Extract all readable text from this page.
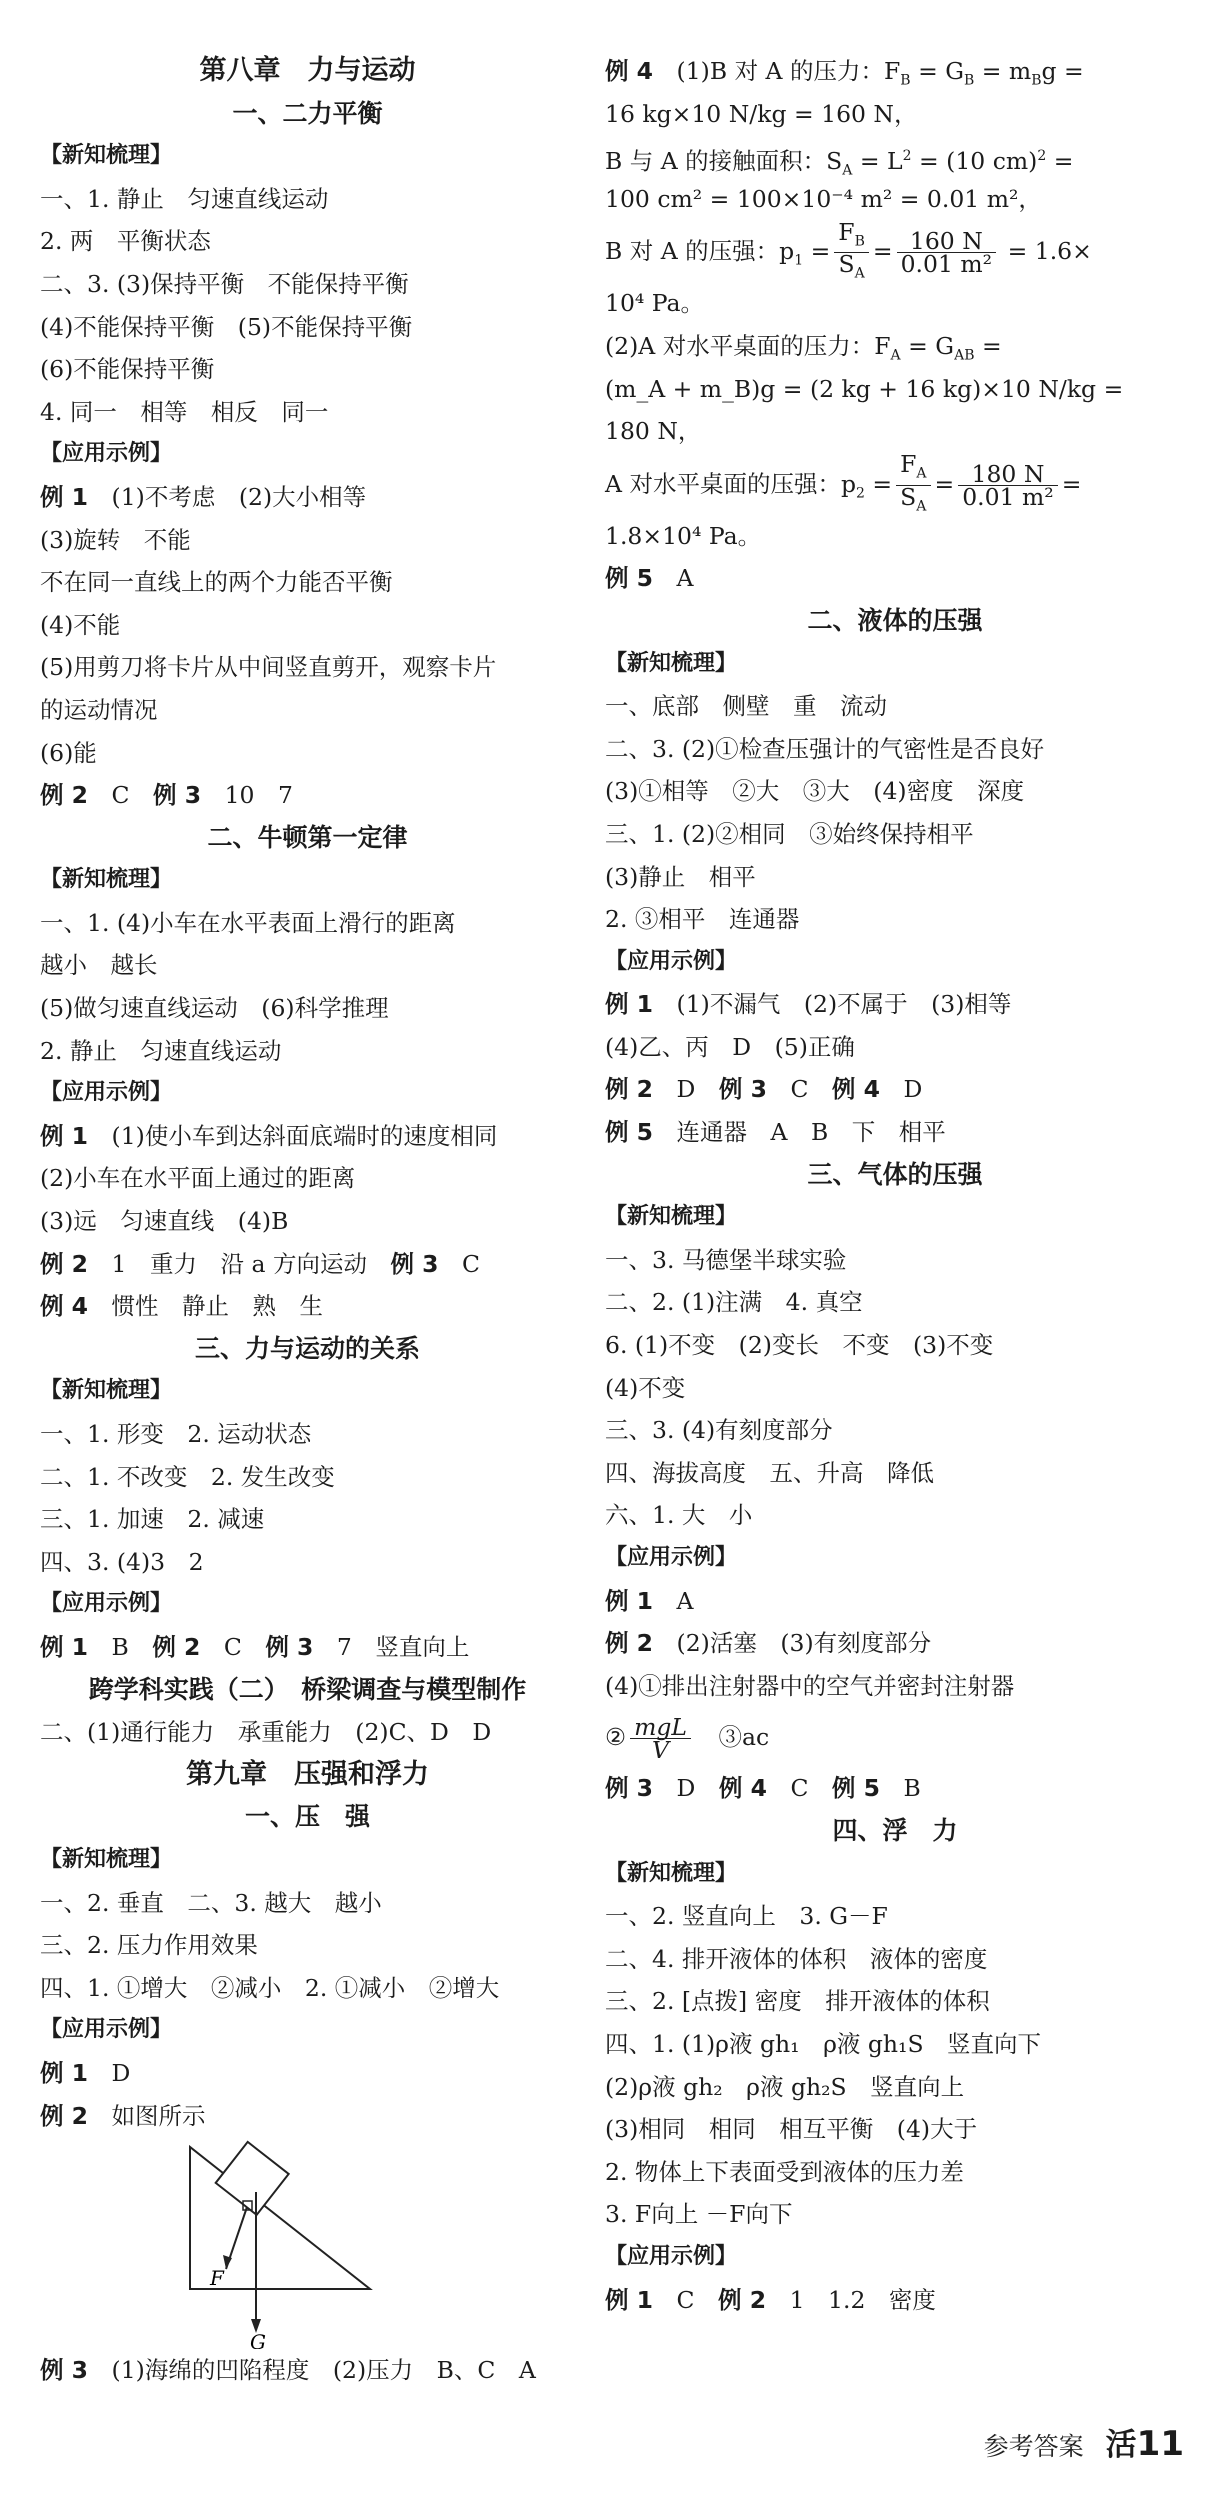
第八章　力与运动
一、二力平衡
【新知梳理】
一、1. 静止　匀速直线运动
2. 两　平衡状态
二、3. (3)保持平衡　不能保持平衡
(4)不能保持平衡　(5)不能保持平衡
(6)不能保持平衡
4. 同一　相等　相反　同一
【应用示例】
例 1　(1)不考虑　(2)大小相等
(3)旋转　不能
不在同一直线上的两个力能否平衡
(4)不能
(5)用剪刀将卡片从中间竖直剪开，观察卡片
的运动情况
(6)能
例 2　C　例 3　10　7
二、牛顿第一定律
【新知梳理】
一、1. (4)小车在水平表面上滑行的距离
越小　越长
(5)做匀速直线运动　(6)科学推理
2. 静止　匀速直线运动
【应用示例】
例 1　(1)使小车到达斜面底端时的速度相同
(2)小车在水平面上通过的距离
(3)远　匀速直线　(4)B
例 2　1　重力　沿 a 方向运动　例 3　C
例 4　惯性　静止　熟　生
三、力与运动的关系
【新知梳理】
一、1. 形变　2. 运动状态
二、1. 不改变　2. 发生改变
三、1. 加速　2. 减速
四、3. (4)3　2
【应用示例】
例 1　B　例 2　C　例 3　7　竖直向上
跨学科实践（二）　桥梁调查与模型制作
二、(1)通行能力　承重能力　(2)C、D　D
第九章　压强和浮力
一、压　强
【新知梳理】
一、2. 垂直　二、3. 越大　越小
三、2. 压力作用效果
四、1. ①增大　②减小　2. ①减小　②增大
【应用示例】
例 1　D
例 2　如图所示
F
G
例 3　(1)海绵的凹陷程度　(2)压力　B、C　A
例 4　(1)B 对 A 的压力：$F_B = G_B = m_Bg$ =
16 kg×10 N/kg = 160 N，
B 与 A 的接触面积：$S_A = L^2 = (10$ cm)$^2$ =
100 cm² = 100×10⁻⁴ m² = 0.01 m²，
B 对 A 的压强：$p_1 = \frac{F_B}{S_A} = \frac{160 N}{\text{0.01 m²}} = 1.6\times$
10⁴ Pa。
(2)A 对水平桌面的压力：$F_A = G_{AB}$ =
(m_A + m_B)g = (2 kg + 16 kg)×10 N/kg =
180 N，
A 对水平桌面的压强：$p_2 = \frac{F_A}{S_A} = \frac{180 N}{\text{0.01 m²}}$ =
1.8×10⁴ Pa。
例 5　A
二、液体的压强
【新知梳理】
一、底部　侧壁　重　流动
二、3. (2)①检查压强计的气密性是否良好
(3)①相等　②大　③大　(4)密度　深度
三、1. (2)②相同　③始终保持相平
(3)静止　相平
2. ③相平　连通器
【应用示例】
例 1　(1)不漏气　(2)不属于　(3)相等
(4)乙、丙　D　(5)正确
例 2　D　例 3　C　例 4　D
例 5　连通器　A　B　下　相平
三、气体的压强
【新知梳理】
一、3. 马德堡半球实验
二、2. (1)注满　4. 真空
6. (1)不变　(2)变长　不变　(3)不变
(4)不变
三、3. (4)有刻度部分
四、海拔高度　五、升高　降低
六、1. 大　小
【应用示例】
例 1　A
例 2　(2)活塞　(3)有刻度部分
(4)①排出注射器中的空气并密封注射器
② $\frac{\text{mgL}}{V}$ 　③ac
例 3　D　例 4　C　例 5　B
四、浮　力
【新知梳理】
一、2. 竖直向上　3. G－F
二、4. 排开液体的体积　液体的密度
三、2. [点拨] 密度　排开液体的体积
四、1. (1)ρ液 gh₁　ρ液 gh₁S　竖直向下
(2)ρ液 gh₂　ρ液 gh₂S　竖直向上
(3)相同　相同　相互平衡　(4)大于
2. 物体上下表面受到液体的压力差
3. F向上 －F向下
【应用示例】
例 1　C　例 2　1　1.2　密度
参考答案 活11
